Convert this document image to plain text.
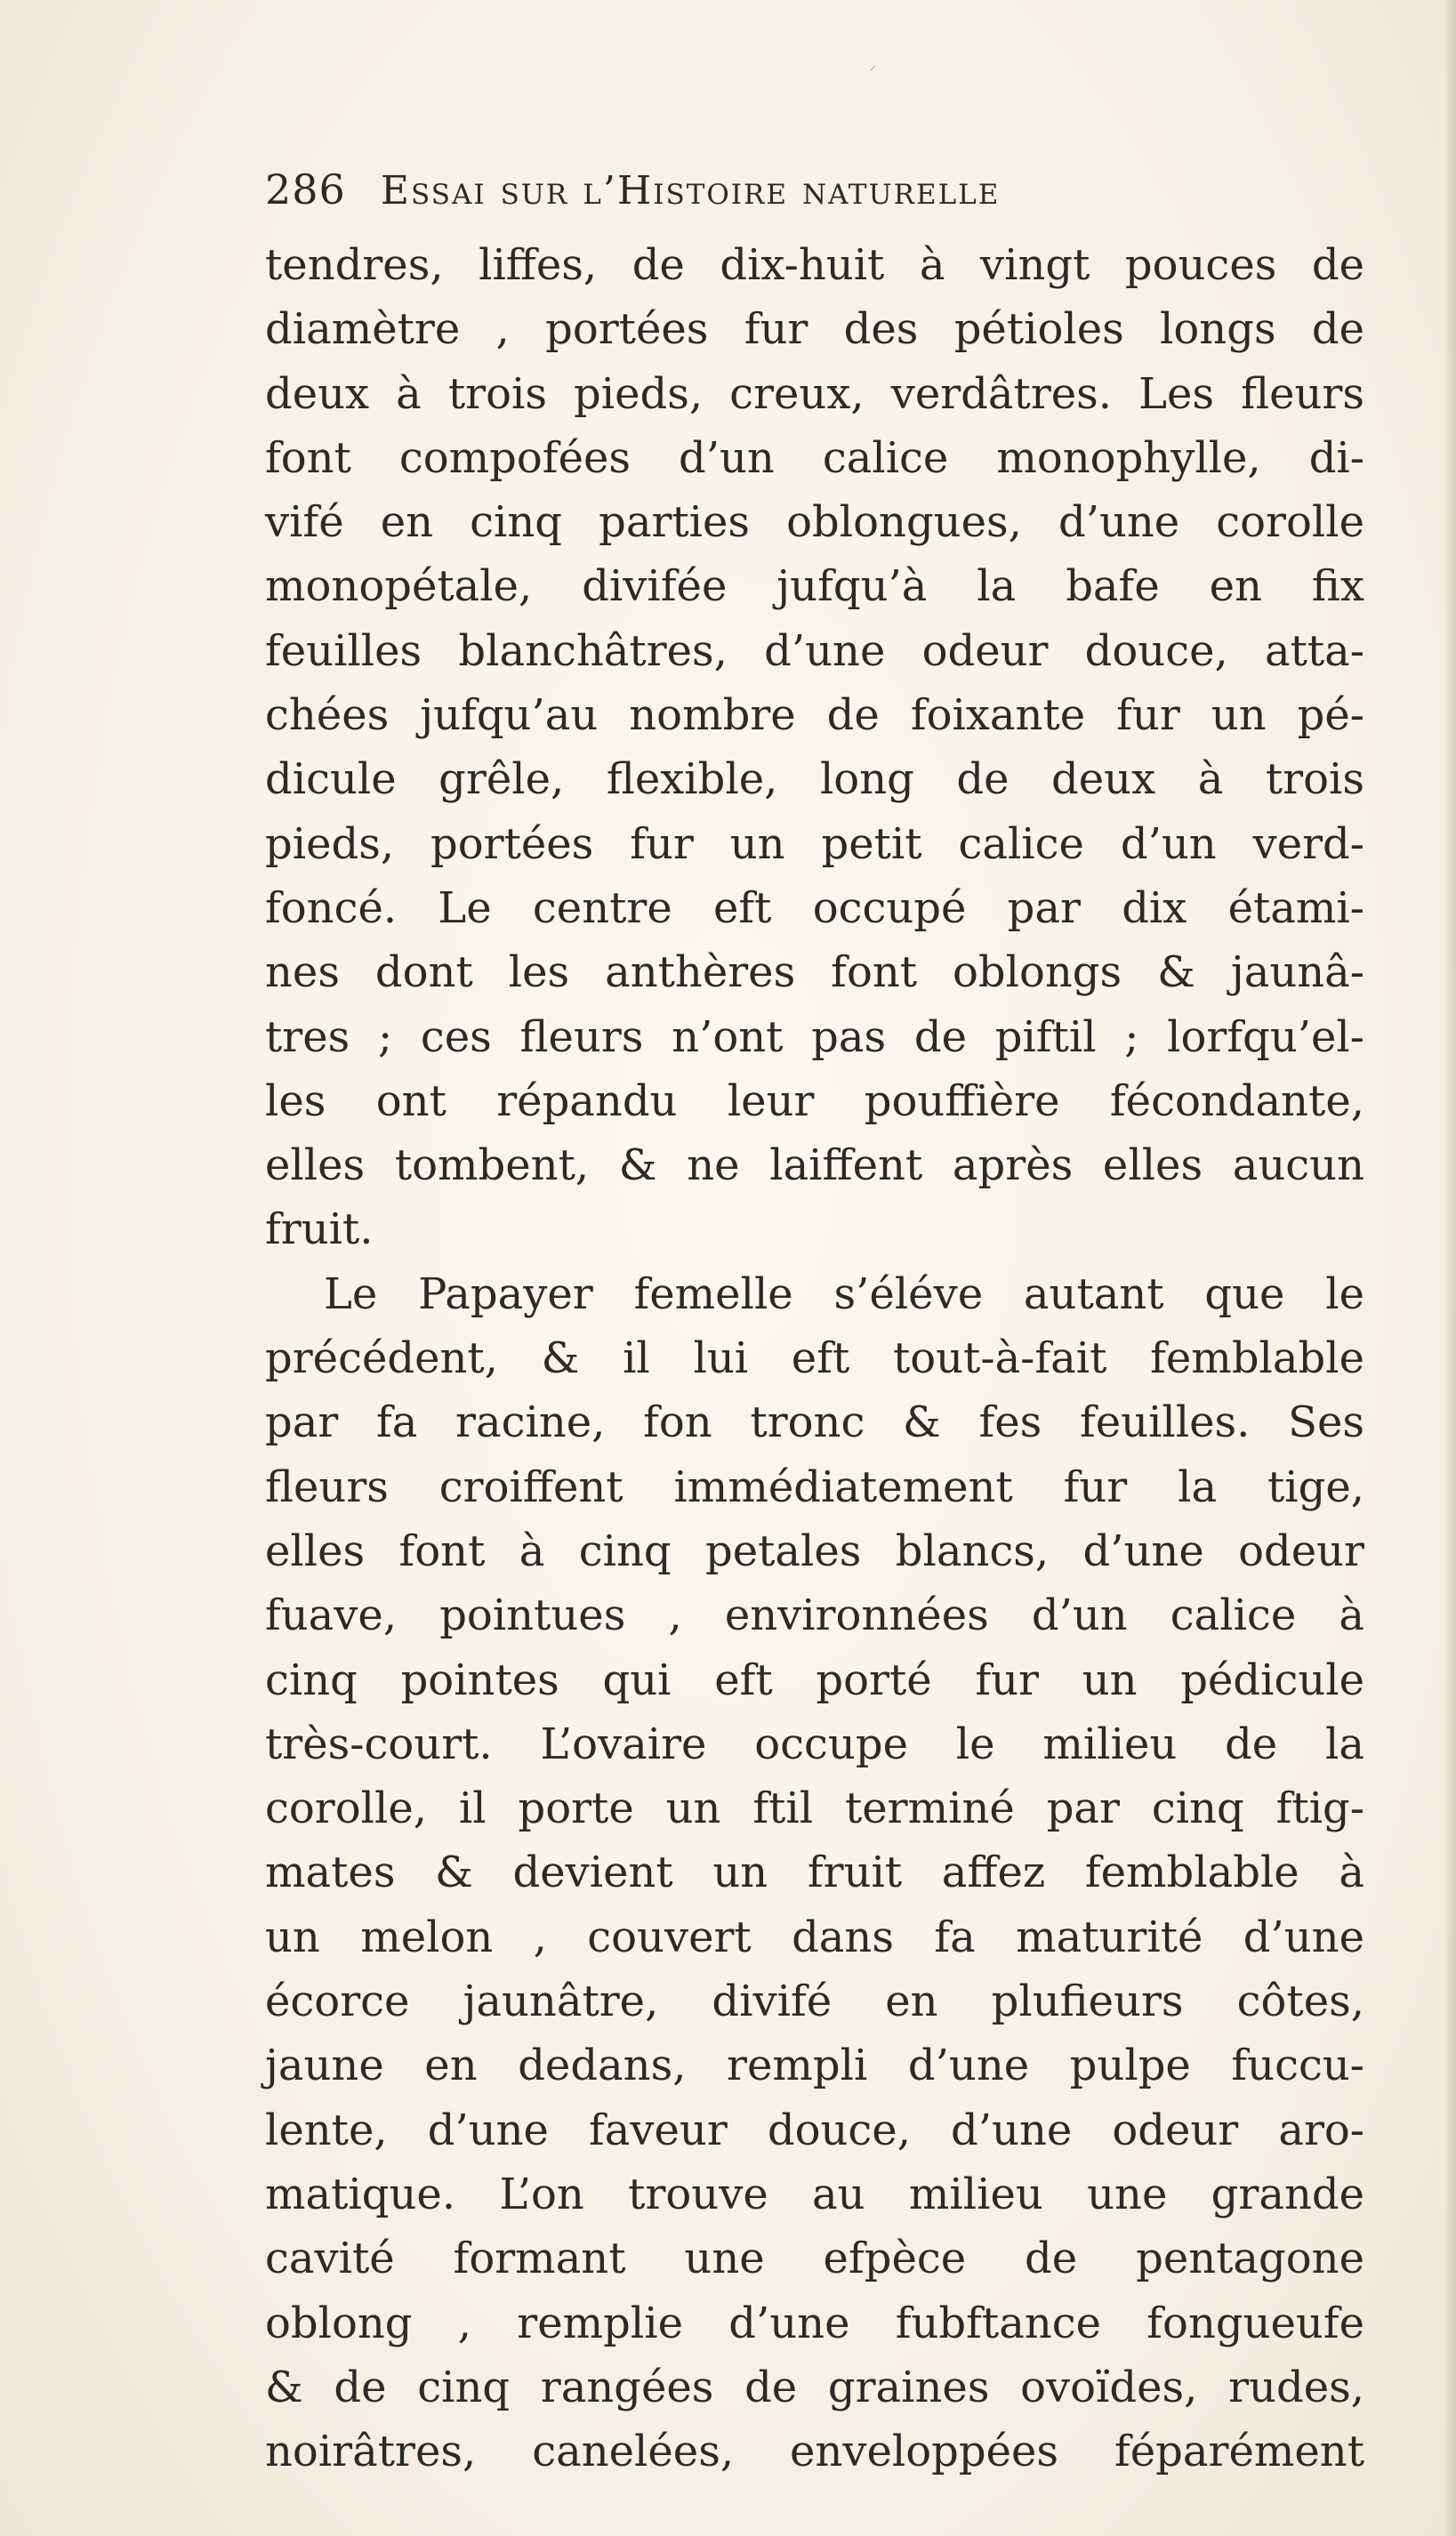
⸝
286 Essai sur l’Histoire naturelle
tendres, liffes, de dix-huit à vingt pouces de
diamètre , portées fur des pétioles longs de
deux à trois pieds, creux, verdâtres. Les fleurs
font compofées d’un calice monophylle, di-
vifé en cinq parties oblongues, d’une corolle
monopétale, divifée jufqu’à la bafe en fix
feuilles blanchâtres, d’une odeur douce, atta-
chées jufqu’au nombre de foixante fur un pé-
dicule grêle, flexible, long de deux à trois
pieds, portées fur un petit calice d’un verd-
foncé. Le centre eft occupé par dix étami-
nes dont les anthères font oblongs & jaunâ-
tres ; ces fleurs n’ont pas de piftil ; lorfqu’el-
les ont répandu leur pouffière fécondante,
elles tombent, & ne laiffent après elles aucun
fruit.
Le Papayer femelle s’éléve autant que le
précédent, & il lui eft tout-à-fait femblable
par fa racine, fon tronc & fes feuilles. Ses
fleurs croiffent immédiatement fur la tige,
elles font à cinq petales blancs, d’une odeur
fuave, pointues , environnées d’un calice à
cinq pointes qui eft porté fur un pédicule
très-court. L’ovaire occupe le milieu de la
corolle, il porte un ftil terminé par cinq ftig-
mates & devient un fruit affez femblable à
un melon , couvert dans fa maturité d’une
écorce jaunâtre, divifé en plufieurs côtes,
jaune en dedans, rempli d’une pulpe fuccu-
lente, d’une faveur douce, d’une odeur aro-
matique. L’on trouve au milieu une grande
cavité formant une efpèce de pentagone
oblong , remplie d’une fubftance fongueufe
& de cinq rangées de graines ovoïdes, rudes,
noirâtres, canelées, enveloppées féparément
